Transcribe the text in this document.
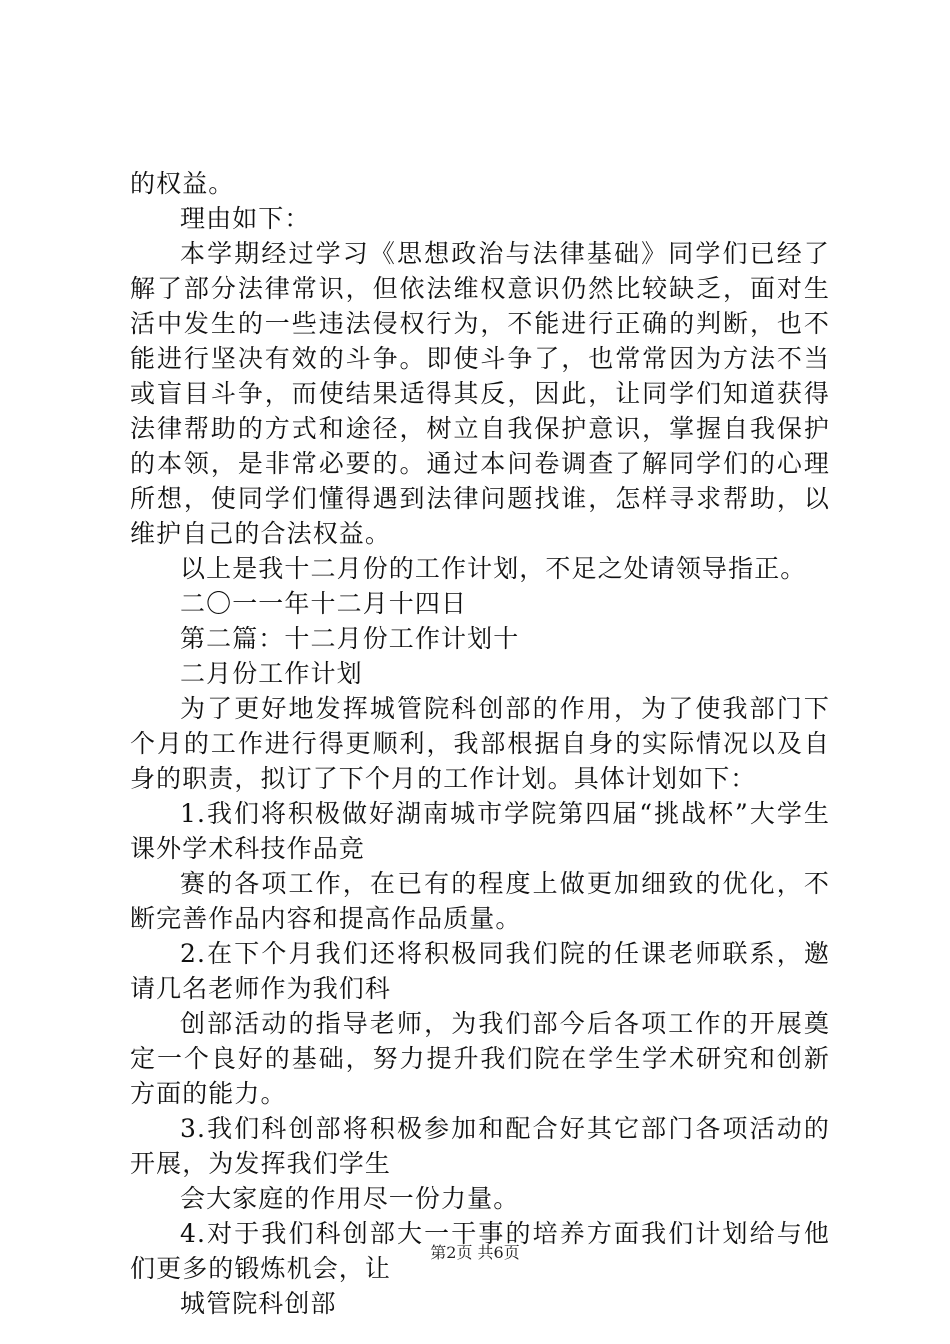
的权益。

理由如下：

本学期经过学习《思想政治与法律基础》同学们已经了解了部分法律常识，但依法维权意识仍然比较缺乏，面对生活中发生的一些违法侵权行为，不能进行正确的判断，也不能进行坚决有效的斗争。即使斗争了，也常常因为方法不当或盲目斗争，而使结果适得其反，因此，让同学们知道获得法律帮助的方式和途径，树立自我保护意识，掌握自我保护的本领，是非常必要的。通过本问卷调查了解同学们的心理所想，使同学们懂得遇到法律问题找谁，怎样寻求帮助，以维护自己的合法权益。

以上是我十二月份的工作计划，不足之处请领导指正。

二〇一一年十二月十四日

第二篇：十二月份工作计划十

二月份工作计划

为了更好地发挥城管院科创部的作用，为了使我部门下个月的工作进行得更顺利，我部根据自身的实际情况以及自身的职责，拟订了下个月的工作计划。具体计划如下：

1.我们将积极做好湖南城市学院第四届“挑战杯”大学生课外学术科技作品竞

赛的各项工作，在已有的程度上做更加细致的优化，不断完善作品内容和提高作品质量。

2.在下个月我们还将积极同我们院的任课老师联系，邀请几名老师作为我们科

创部活动的指导老师，为我们部今后各项工作的开展奠定一个良好的基础，努力提升我们院在学生学术研究和创新方面的能力。

3.我们科创部将积极参加和配合好其它部门各项活动的开展，为发挥我们学生

会大家庭的作用尽一份力量。

4.对于我们科创部大一干事的培养方面我们计划给与他们更多的锻炼机会，让

城管院科创部

第2页 共6页
